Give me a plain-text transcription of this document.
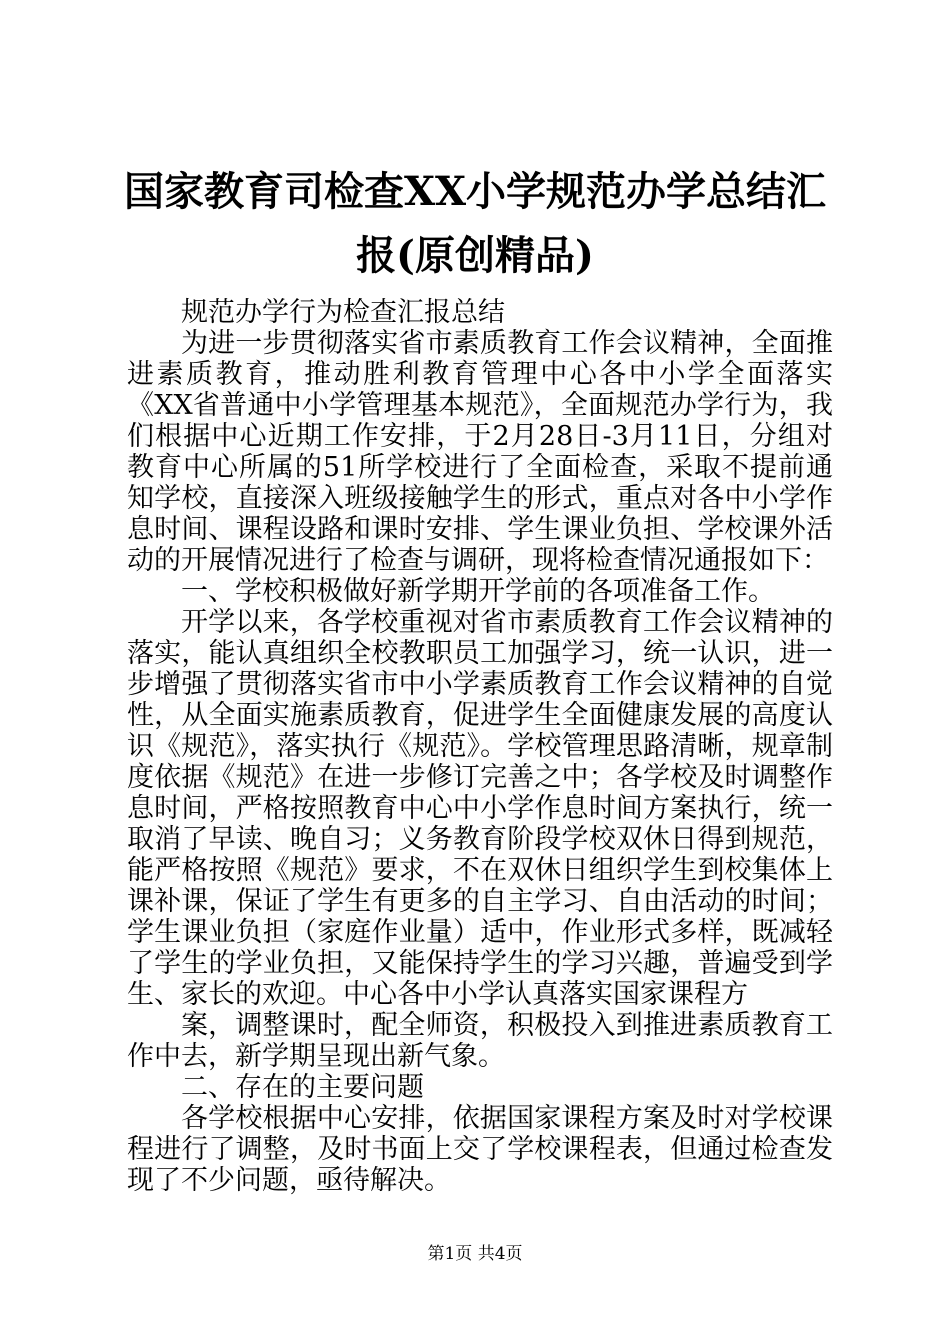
国家教育司检查XX小学规范办学总结汇报(原创精品)

规范办学行为检查汇报总结

为进一步贯彻落实省市素质教育工作会议精神，全面推进素质教育，推动胜利教育管理中心各中小学全面落实《XX省普通中小学管理基本规范》，全面规范办学行为，我们根据中心近期工作安排，于2月28日-3月11日，分组对教育中心所属的51所学校进行了全面检查，采取不提前通知学校，直接深入班级接触学生的形式，重点对各中小学作息时间、课程设路和课时安排、学生课业负担、学校课外活动的开展情况进行了检查与调研，现将检查情况通报如下：

一、学校积极做好新学期开学前的各项准备工作。

开学以来，各学校重视对省市素质教育工作会议精神的落实，能认真组织全校教职员工加强学习，统一认识，进一步增强了贯彻落实省市中小学素质教育工作会议精神的自觉性，从全面实施素质教育，促进学生全面健康发展的高度认识《规范》，落实执行《规范》。学校管理思路清晰，规章制度依据《规范》在进一步修订完善之中；各学校及时调整作息时间，严格按照教育中心中小学作息时间方案执行，统一取消了早读、晚自习；义务教育阶段学校双休日得到规范，能严格按照《规范》要求，不在双休日组织学生到校集体上课补课，保证了学生有更多的自主学习、自由活动的时间；学生课业负担（家庭作业量）适中，作业形式多样，既减轻了学生的学业负担，又能保持学生的学习兴趣，普遍受到学生、家长的欢迎。中心各中小学认真落实国家课程方

案，调整课时，配全师资，积极投入到推进素质教育工作中去，新学期呈现出新气象。

二、存在的主要问题

各学校根据中心安排，依据国家课程方案及时对学校课程进行了调整，及时书面上交了学校课程表，但通过检查发现了不少问题，亟待解决。

第1页 共4页
